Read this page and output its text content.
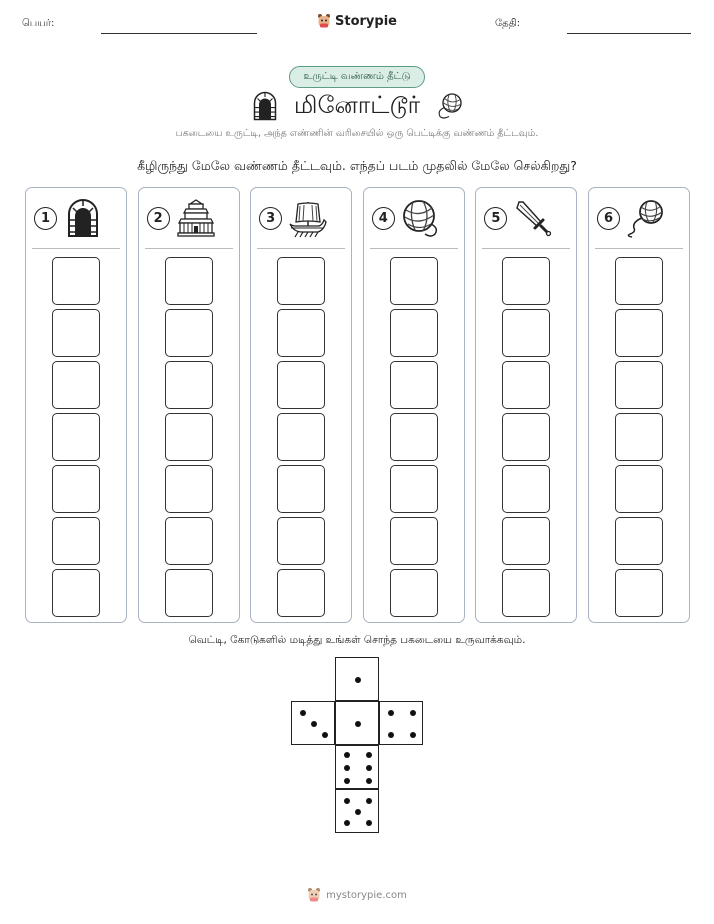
பெயர்:	Storypie	தேதி:
உருட்டி வண்ணம் தீட்டு
மினோட்டூர்
பகடையை உருட்டி, அந்த எண்ணின் வரிசையில் ஒரு பெட்டிக்கு வண்ணம் தீட்டவும்.
கீழிருந்து மேலே வண்ணம் தீட்டவும். எந்தப் படம் முதலில் மேலே செல்கிறது?
1	2	3	4	5	6
வெட்டி, கோடுகளில் மடித்து உங்கள் சொந்த பகடையை உருவாக்கவும்.
mystorypie.com
